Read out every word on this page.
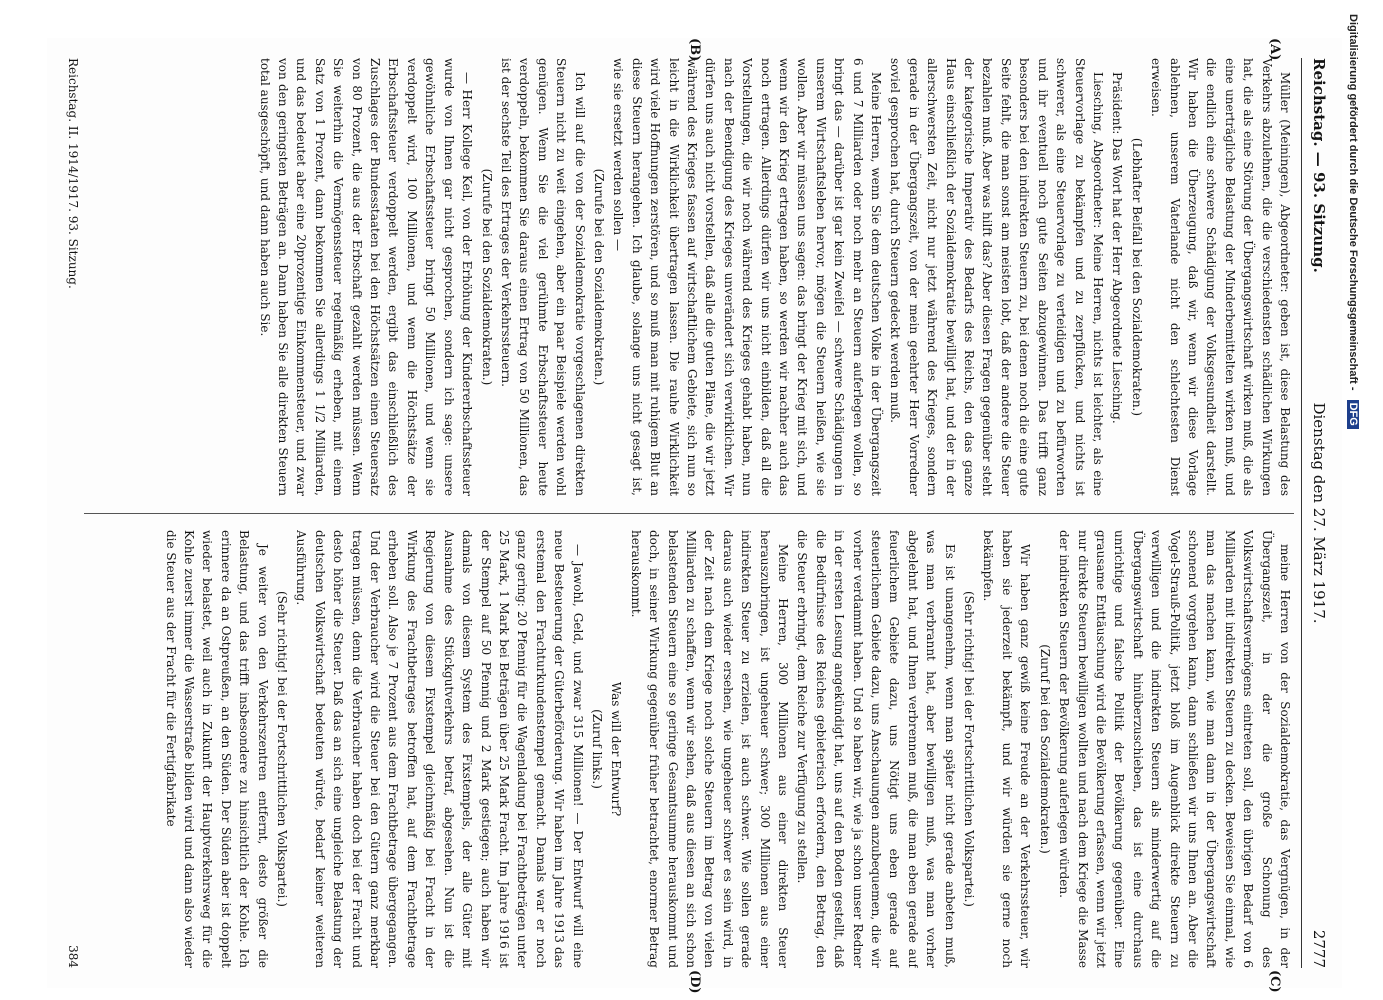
Dienstag den 27. März 1917.
Reichstag. — 93. Sitzung.
2777
(A)
(B)
(C)
(D)

Müller (Meiningen), Abgeordneter: geben ist, diese Belastung des Verkehrs abzulehnen, die die verschiedensten schädlichen Wirkungen hat, die als eine Störung der Übergangswirtschaft wirken muß, die als eine unerträgliche Belastung der Minderbemittelten wirken muß, und die endlich eine schwere Schädigung der Volksgesundheit darstellt. Wir haben die Überzeugung, daß wir, wenn wir diese Vorlage ablehnen, unserem Vaterlande nicht den schlechtesten Dienst erweisen.

(Lebhafter Beifall bei den Sozialdemokraten.)

Präsident: Das Wort hat der Herr Abgeordnete Liesching.

Liesching, Abgeordneter: Meine Herren, nichts ist leichter, als eine Steuervorlage zu bekämpfen und zu zerpflücken, und nichts ist schwerer, als eine Steuervorlage zu verteidigen und zu befürworten und ihr eventuell noch gute Seiten abzugewinnen. Das trifft ganz besonders bei den indirekten Steuern zu, bei denen noch die eine gute Seite fehlt, die man sonst am meisten lobt, daß der andere die Steuer bezahlen muß. Aber was hilft das? Aber diesen Fragen gegenüber steht der kategorische Imperativ des Bedarfs des Reichs, den das ganze Haus einschließlich der Sozialdemokratie bewilligt hat, und der in der allerschwersten Zeit, nicht nur jetzt während des Krieges, sondern gerade in der Übergangszeit, von der mein geehrter Herr Vorredner soviel gesprochen hat, durch Steuern gedeckt werden muß.

Meine Herren, wenn Sie dem deutschen Volke in der Übergangszeit 6 und 7 Milliarden oder noch mehr an Steuern auferlegen wollen, so bringt das — darüber ist gar kein Zweifel — schwere Schädigungen in unserem Wirtschaftsleben hervor, mögen die Steuern heißen, wie sie wollen. Aber wir müssen uns sagen: das bringt der Krieg mit sich, und wenn wir den Krieg ertragen haben, so werden wir nachher auch das noch ertragen. Allerdings dürfen wir uns nicht einbilden, daß all die Vorstellungen, die wir noch während des Krieges gehabt haben, nun nach der Beendigung des Krieges unverändert sich verwirklichen. Wir dürfen uns auch nicht vorstellen, daß alle die guten Pläne, die wir jetzt während des Krieges fassen auf wirtschaftlichem Gebiete, sich nun so leicht in die Wirklichkeit übertragen lassen. Die rauhe Wirklichkeit wird viele Hoffnungen zerstören, und so muß man mit ruhigem Blut an diese Steuern herangehen. Ich glaube, solange uns nicht gesagt ist, wie sie ersetzt werden sollen —

(Zurufe bei den Sozialdemokraten.)

Ich will auf die von der Sozialdemokratie vorgeschlagenen direkten Steuern nicht zu weit eingehen, aber ein paar Beispiele werden wohl genügen. Wenn Sie die viel gerühmte Erbschaftssteuer heute verdoppeln, bekommen Sie daraus einen Ertrag von 50 Millionen, das ist der sechste Teil des Ertrages der Verkehrssteuern.

(Zurufe bei den Sozialdemokraten.)

— Herr Kollege Keil, von der Erhöhung der Kindererbschaftssteuer wurde von Ihnen gar nicht gesprochen, sondern ich sage: unsere gewöhnliche Erbschaftssteuer bringt 50 Millionen, und wenn sie verdoppelt wird, 100 Millionen, und wenn die Höchstsätze der Erbschaftssteuer verdoppelt werden, ergibt das einschließlich des Zuschlages der Bundesstaaten bei den Höchstsätzen einen Steuersatz von 80 Prozent, die aus der Erbschaft gezahlt werden müssen. Wenn Sie weiterhin die Vermögenssteuer regelmäßig erheben, mit einem Satz von 1 Prozent, dann bekommen Sie allerdings 1 1/2 Milliarden, und das bedeutet aber eine 20prozentige Einkommensteuer, und zwar von den geringsten Beträgen an. Dann haben Sie alle direkten Steuern total ausgeschöpft, und dann haben auch Sie.

meine Herren von der Sozialdemokratie, das Vergnügen, in der Übergangszeit, in der die große Schonung des Volkswirtschaftsvermögens eintreten soll, den übrigen Bedarf von 6 Milliarden mit indirekten Steuern zu decken. Beweisen Sie einmal, wie man das machen kann, wie man dann in der Übergangswirtschaft schonend vorgehen kann, dann schließen wir uns Ihnen an. Aber die Vogel-Strauß-Politik, jetzt bloß im Augenblick direkte Steuern zu verwilligen und die indirekten Steuern als minderwertig auf die Übergangswirtschaft hinüberzuschieben, das ist eine durchaus unrichtige und falsche Politik der Bevölkerung gegenüber. Eine grausame Enttäuschung wird die Bevölkerung erfassen, wenn wir jetzt nur direkte Steuern bewilligen wollten und nach dem Kriege die Masse der indirekten Steuern der Bevölkerung auferlegen würden.

(Zuruf bei den Sozialdemokraten.)

Wir haben ganz gewiß keine Freude an der Verkehrssteuer, wir haben sie jederzeit bekämpft, und wir würden sie gerne noch bekämpfen.

(Sehr richtig! bei der Fortschrittlichen Volkspartei.)

Es ist unangenehm, wenn man später nicht gerade anbeten muß, was man verbrannt hat, aber bewilligen muß, was man vorher abgelehnt hat, und Ihnen verbrennen muß, die man eben gerade auf feuerlichem Gebiete dazu, uns Nötigt uns eben gerade auf steuerlichem Gebiete dazu, uns Anschauungen anzubequemen, die wir vorher verdammt haben. Und so haben wir, wie ja schon unser Redner in der ersten Lesung angekündigt hat, uns auf den Boden gestellt, daß die Bedürfnisse des Reiches gebieterisch erfordern, den Betrag, den die Steuer erbringt, dem Reiche zur Verfügung zu stellen.

Meine Herren, 300 Millionen aus einer direkten Steuer herauszubringen, ist ungeheuer schwer; 300 Millionen aus einer indirekten Steuer zu erzielen, ist auch schwer. Wie sollen gerade daraus auch wieder ersehen, wie ungeheuer schwer es sein wird, in der Zeit nach dem Kriege noch solche Steuern im Betrag von vielen Milliarden zu schaffen, wenn wir sehen, daß aus diesen an sich schon belastenden Steuern eine so geringe Gesamtsumme herauskommt und doch, in seiner Wirkung gegenüber früher betrachtet, enormer Betrag herauskommt.

Was will der Entwurf?

(Zuruf links.)

— Jawohl, Geld, und zwar 315 Millionen! — Der Entwurf will eine neue Besteuerung der Güterbeförderung. Wir haben im Jahre 1913 das erstemal den Frachturkundenstempel gemacht. Damals war er noch ganz gering: 20 Pfennig für die Wagenladung bei Frachtbeträgen unter 25 Mark, 1 Mark bei Beträgen über 25 Mark Fracht. Im Jahre 1916 ist der Stempel auf 50 Pfennig und 2 Mark gestiegen; auch haben wir damals von diesem System des Fixstempels, der alle Güter mit Ausnahme des Stückgutverkehrs betraf, abgesehen. Nun ist die Regierung von diesem Fixstempel gleichmäßig bei Fracht in der Wirkung des Frachtbetrages betroffen hat, auf dem Frachtbetrage erheben soll. Also je 7 Prozent aus dem Frachtbetrage übergegangen. Und der Verbraucher wird die Steuer bei den Gütern ganz merkbar tragen müssen, denn die Verbraucher haben doch bei der Fracht und desto höher die Steuer. Daß das an sich eine ungleiche Belastung der deutschen Volkswirtschaft bedeuten würde, bedarf keiner weiteren Ausführung.

(Sehr richtig! bei der Fortschrittlichen Volkspartei.)

Je weiter von den Verkehrszentren entfernt, desto größer die Belastung, und das trifft insbesondere zu hinsichtlich der Kohle. Ich erinnere da an Ostpreußen, an den Süden. Der Süden aber ist doppelt wieder belastet, weil auch in Zukunft der Hauptverkehrsweg für die Kohle zuerst immer die Wasserstraße bilden wird und dann also wieder die Steuer aus der Fracht für die Fertigfabrikate

Reichstag. II. 1914/1917. 93. Sitzung.
384
Digitalisierung gefördert durch die Deutsche Forschungsgemeinschaft - DFG
